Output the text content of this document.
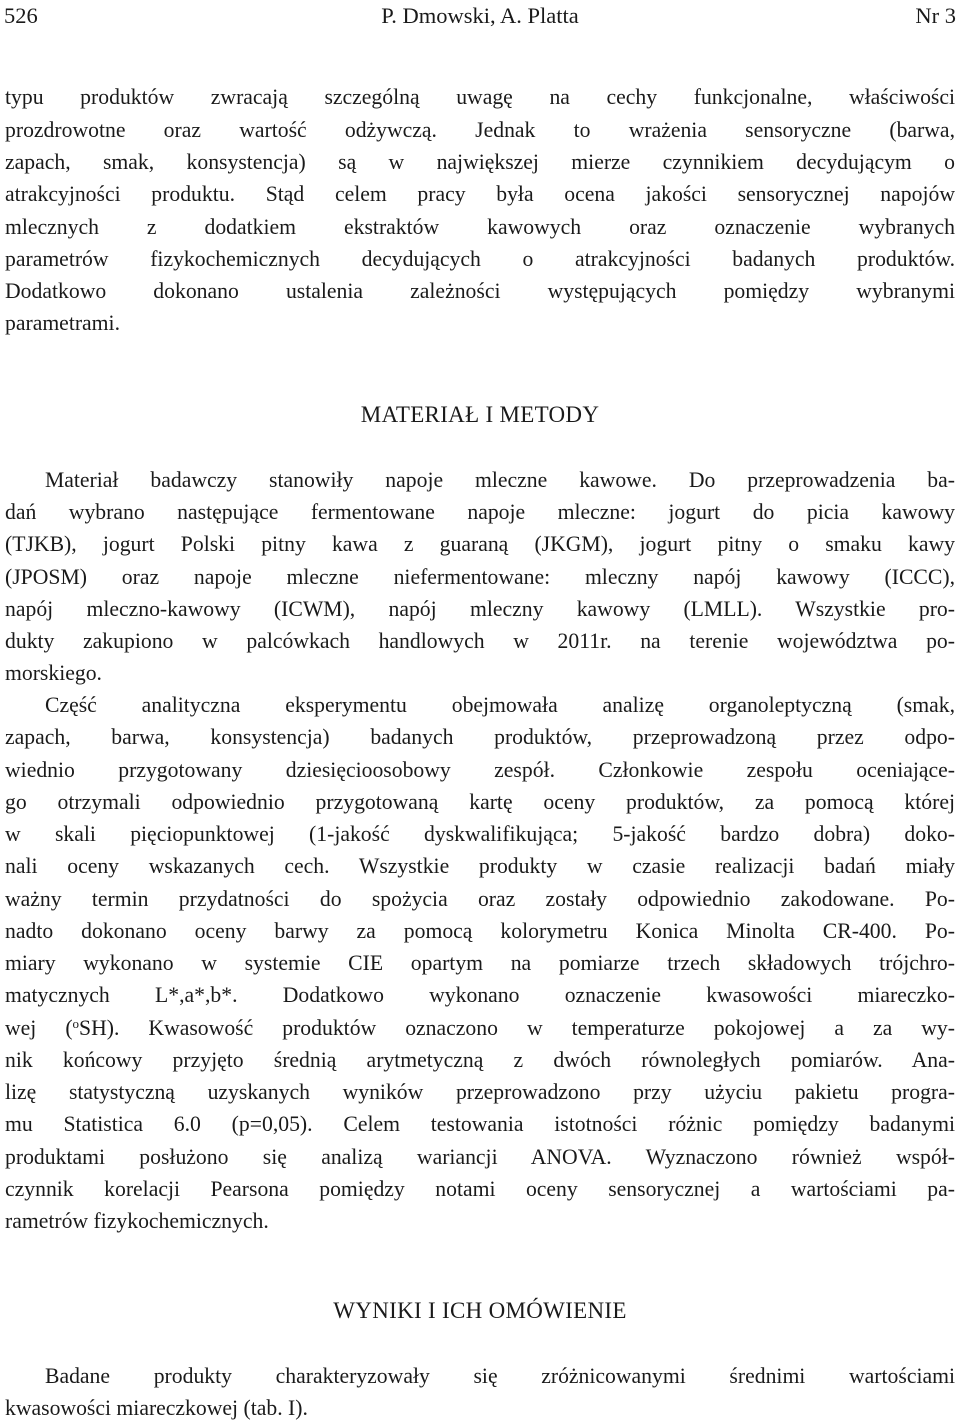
526	P. Dmowski, A. Platta	Nr 3
typu produktów zwracają szczególną uwagę na cechy funkcjonalne, właściwości
prozdrowotne oraz wartość odżywczą. Jednak to wrażenia sensoryczne (barwa,
zapach, smak, konsystencja) są w największej mierze czynnikiem decydującym o
atrakcyjności produktu. Stąd celem pracy była ocena jakości sensorycznej napojów
mlecznych z dodatkiem ekstraktów kawowych oraz oznaczenie wybranych
parametrów fizykochemicznych decydujących o atrakcyjności badanych produktów.
Dodatkowo dokonano ustalenia zależności występujących pomiędzy wybranymi
parametrami.
MATERIAŁ I METODY
Materiał badawczy stanowiły napoje mleczne kawowe. Do przeprowadzenia ba-
dań wybrano następujące fermentowane napoje mleczne: jogurt do picia kawowy
(TJKB), jogurt Polski pitny kawa z guaraną (JKGM), jogurt pitny o smaku kawy
(JPOSM) oraz napoje mleczne niefermentowane: mleczny napój kawowy (ICCC),
napój mleczno-kawowy (ICWM), napój mleczny kawowy (LMLL). Wszystkie pro-
dukty zakupiono w palcówkach handlowych w 2011r. na terenie województwa po-
morskiego.
Część analityczna eksperymentu obejmowała analizę organoleptyczną (smak,
zapach, barwa, konsystencja) badanych produktów, przeprowadzoną przez odpo-
wiednio przygotowany dziesięcioosobowy zespół. Członkowie zespołu oceniające-
go otrzymali odpowiednio przygotowaną kartę oceny produktów, za pomocą której
w skali pięciopunktowej (1-jakość dyskwalifikująca; 5-jakość bardzo dobra) doko-
nali oceny wskazanych cech. Wszystkie produkty w czasie realizacji badań miały
ważny termin przydatności do spożycia oraz zostały odpowiednio zakodowane. Po-
nadto dokonano oceny barwy za pomocą kolorymetru Konica Minolta CR-400. Po-
miary wykonano w systemie CIE opartym na pomiarze trzech składowych trójchro-
matycznych L*,a*,b*. Dodatkowo wykonano oznaczenie kwasowości miareczko-
wej ($^o$SH). Kwasowość produktów oznaczono w temperaturze pokojowej a za wy-
nik końcowy przyjęto średnią arytmetyczną z dwóch równoległych pomiarów. Ana-
lizę statystyczną uzyskanych wyników przeprowadzono przy użyciu pakietu progra-
mu Statistica 6.0 (p=0,05). Celem testowania istotności różnic pomiędzy badanymi
produktami posłużono się analizą wariancji ANOVA. Wyznaczono również współ-
czynnik korelacji Pearsona pomiędzy notami oceny sensorycznej a wartościami pa-
rametrów fizykochemicznych.
WYNIKI I ICH OMÓWIENIE
Badane produkty charakteryzowały się zróżnicowanymi średnimi wartościami
kwasowości miareczkowej (tab. I).
